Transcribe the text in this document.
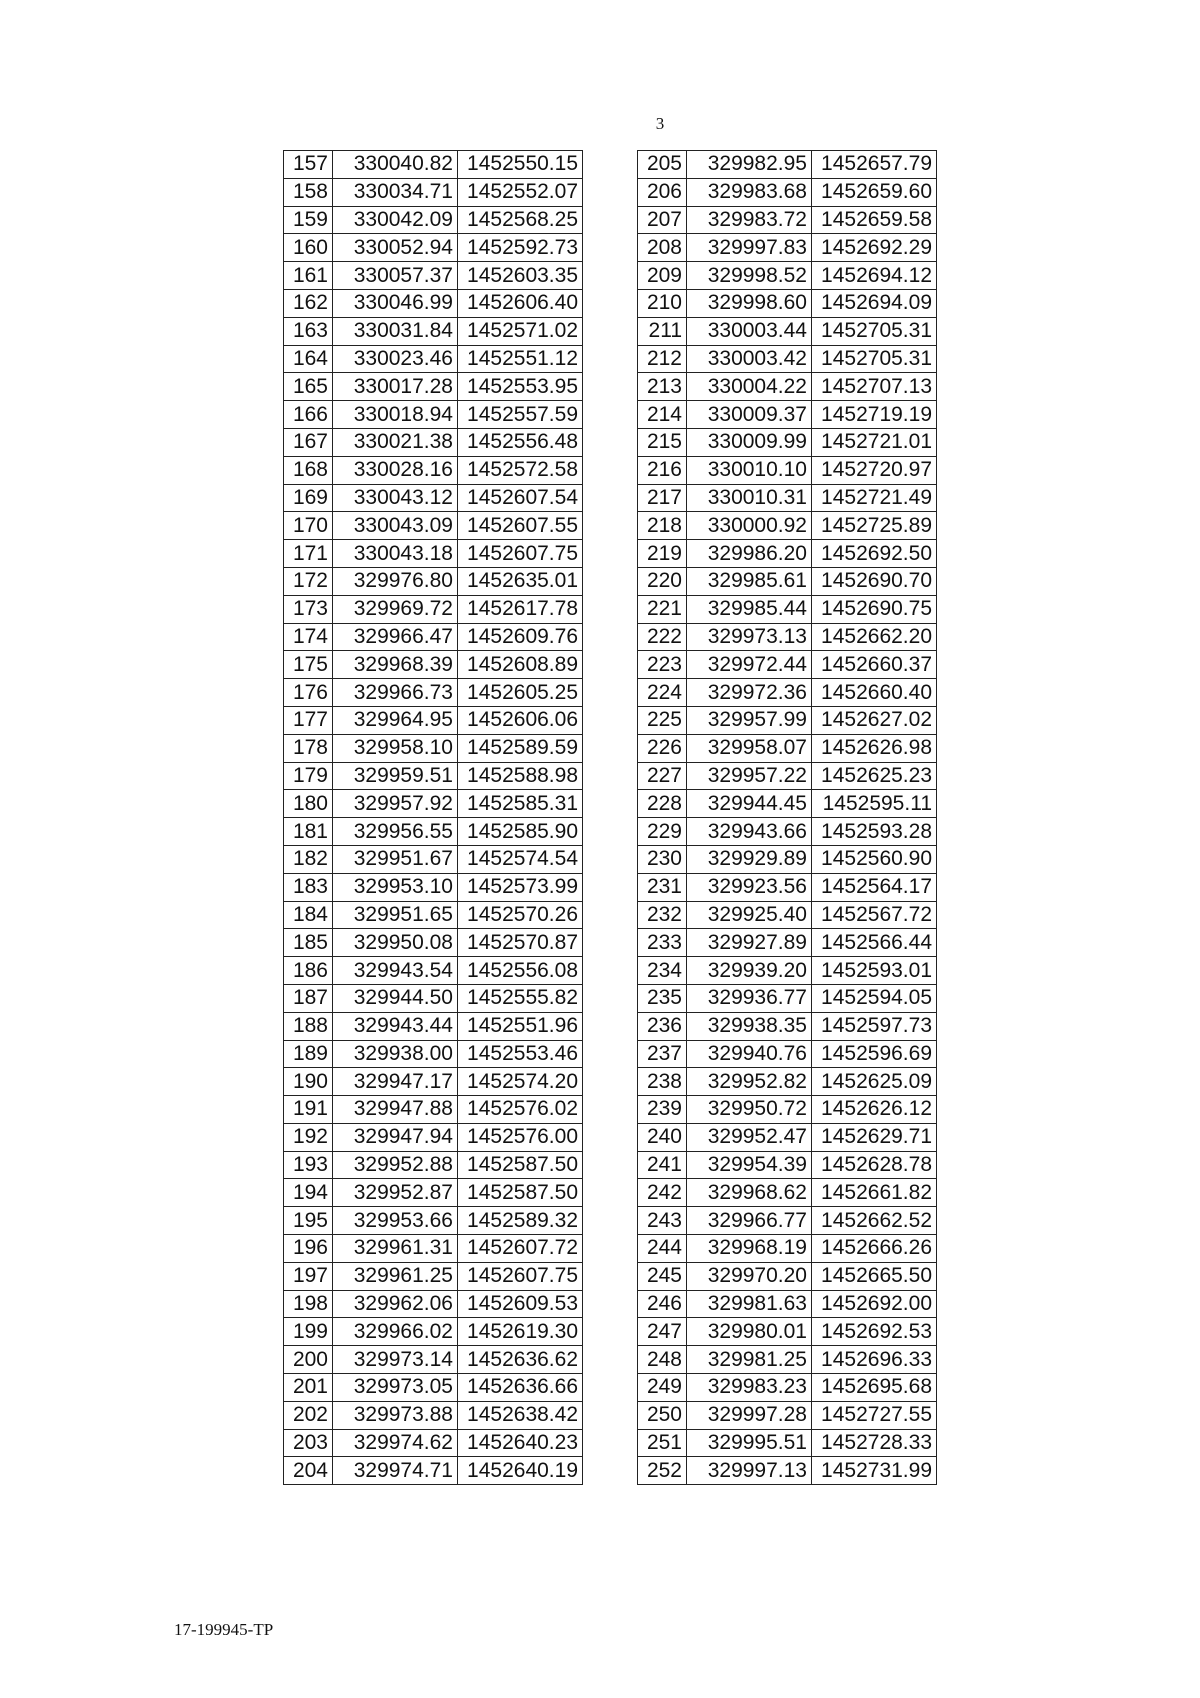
3
157	330040.82	1452550.15
158	330034.71	1452552.07
159	330042.09	1452568.25
160	330052.94	1452592.73
161	330057.37	1452603.35
162	330046.99	1452606.40
163	330031.84	1452571.02
164	330023.46	1452551.12
165	330017.28	1452553.95
166	330018.94	1452557.59
167	330021.38	1452556.48
168	330028.16	1452572.58
169	330043.12	1452607.54
170	330043.09	1452607.55
171	330043.18	1452607.75
172	329976.80	1452635.01
173	329969.72	1452617.78
174	329966.47	1452609.76
175	329968.39	1452608.89
176	329966.73	1452605.25
177	329964.95	1452606.06
178	329958.10	1452589.59
179	329959.51	1452588.98
180	329957.92	1452585.31
181	329956.55	1452585.90
182	329951.67	1452574.54
183	329953.10	1452573.99
184	329951.65	1452570.26
185	329950.08	1452570.87
186	329943.54	1452556.08
187	329944.50	1452555.82
188	329943.44	1452551.96
189	329938.00	1452553.46
190	329947.17	1452574.20
191	329947.88	1452576.02
192	329947.94	1452576.00
193	329952.88	1452587.50
194	329952.87	1452587.50
195	329953.66	1452589.32
196	329961.31	1452607.72
197	329961.25	1452607.75
198	329962.06	1452609.53
199	329966.02	1452619.30
200	329973.14	1452636.62
201	329973.05	1452636.66
202	329973.88	1452638.42
203	329974.62	1452640.23
204	329974.71	1452640.19
205	329982.95	1452657.79
206	329983.68	1452659.60
207	329983.72	1452659.58
208	329997.83	1452692.29
209	329998.52	1452694.12
210	329998.60	1452694.09
211	330003.44	1452705.31
212	330003.42	1452705.31
213	330004.22	1452707.13
214	330009.37	1452719.19
215	330009.99	1452721.01
216	330010.10	1452720.97
217	330010.31	1452721.49
218	330000.92	1452725.89
219	329986.20	1452692.50
220	329985.61	1452690.70
221	329985.44	1452690.75
222	329973.13	1452662.20
223	329972.44	1452660.37
224	329972.36	1452660.40
225	329957.99	1452627.02
226	329958.07	1452626.98
227	329957.22	1452625.23
228	329944.45	1452595.11
229	329943.66	1452593.28
230	329929.89	1452560.90
231	329923.56	1452564.17
232	329925.40	1452567.72
233	329927.89	1452566.44
234	329939.20	1452593.01
235	329936.77	1452594.05
236	329938.35	1452597.73
237	329940.76	1452596.69
238	329952.82	1452625.09
239	329950.72	1452626.12
240	329952.47	1452629.71
241	329954.39	1452628.78
242	329968.62	1452661.82
243	329966.77	1452662.52
244	329968.19	1452666.26
245	329970.20	1452665.50
246	329981.63	1452692.00
247	329980.01	1452692.53
248	329981.25	1452696.33
249	329983.23	1452695.68
250	329997.28	1452727.55
251	329995.51	1452728.33
252	329997.13	1452731.99
17-199945-TP
